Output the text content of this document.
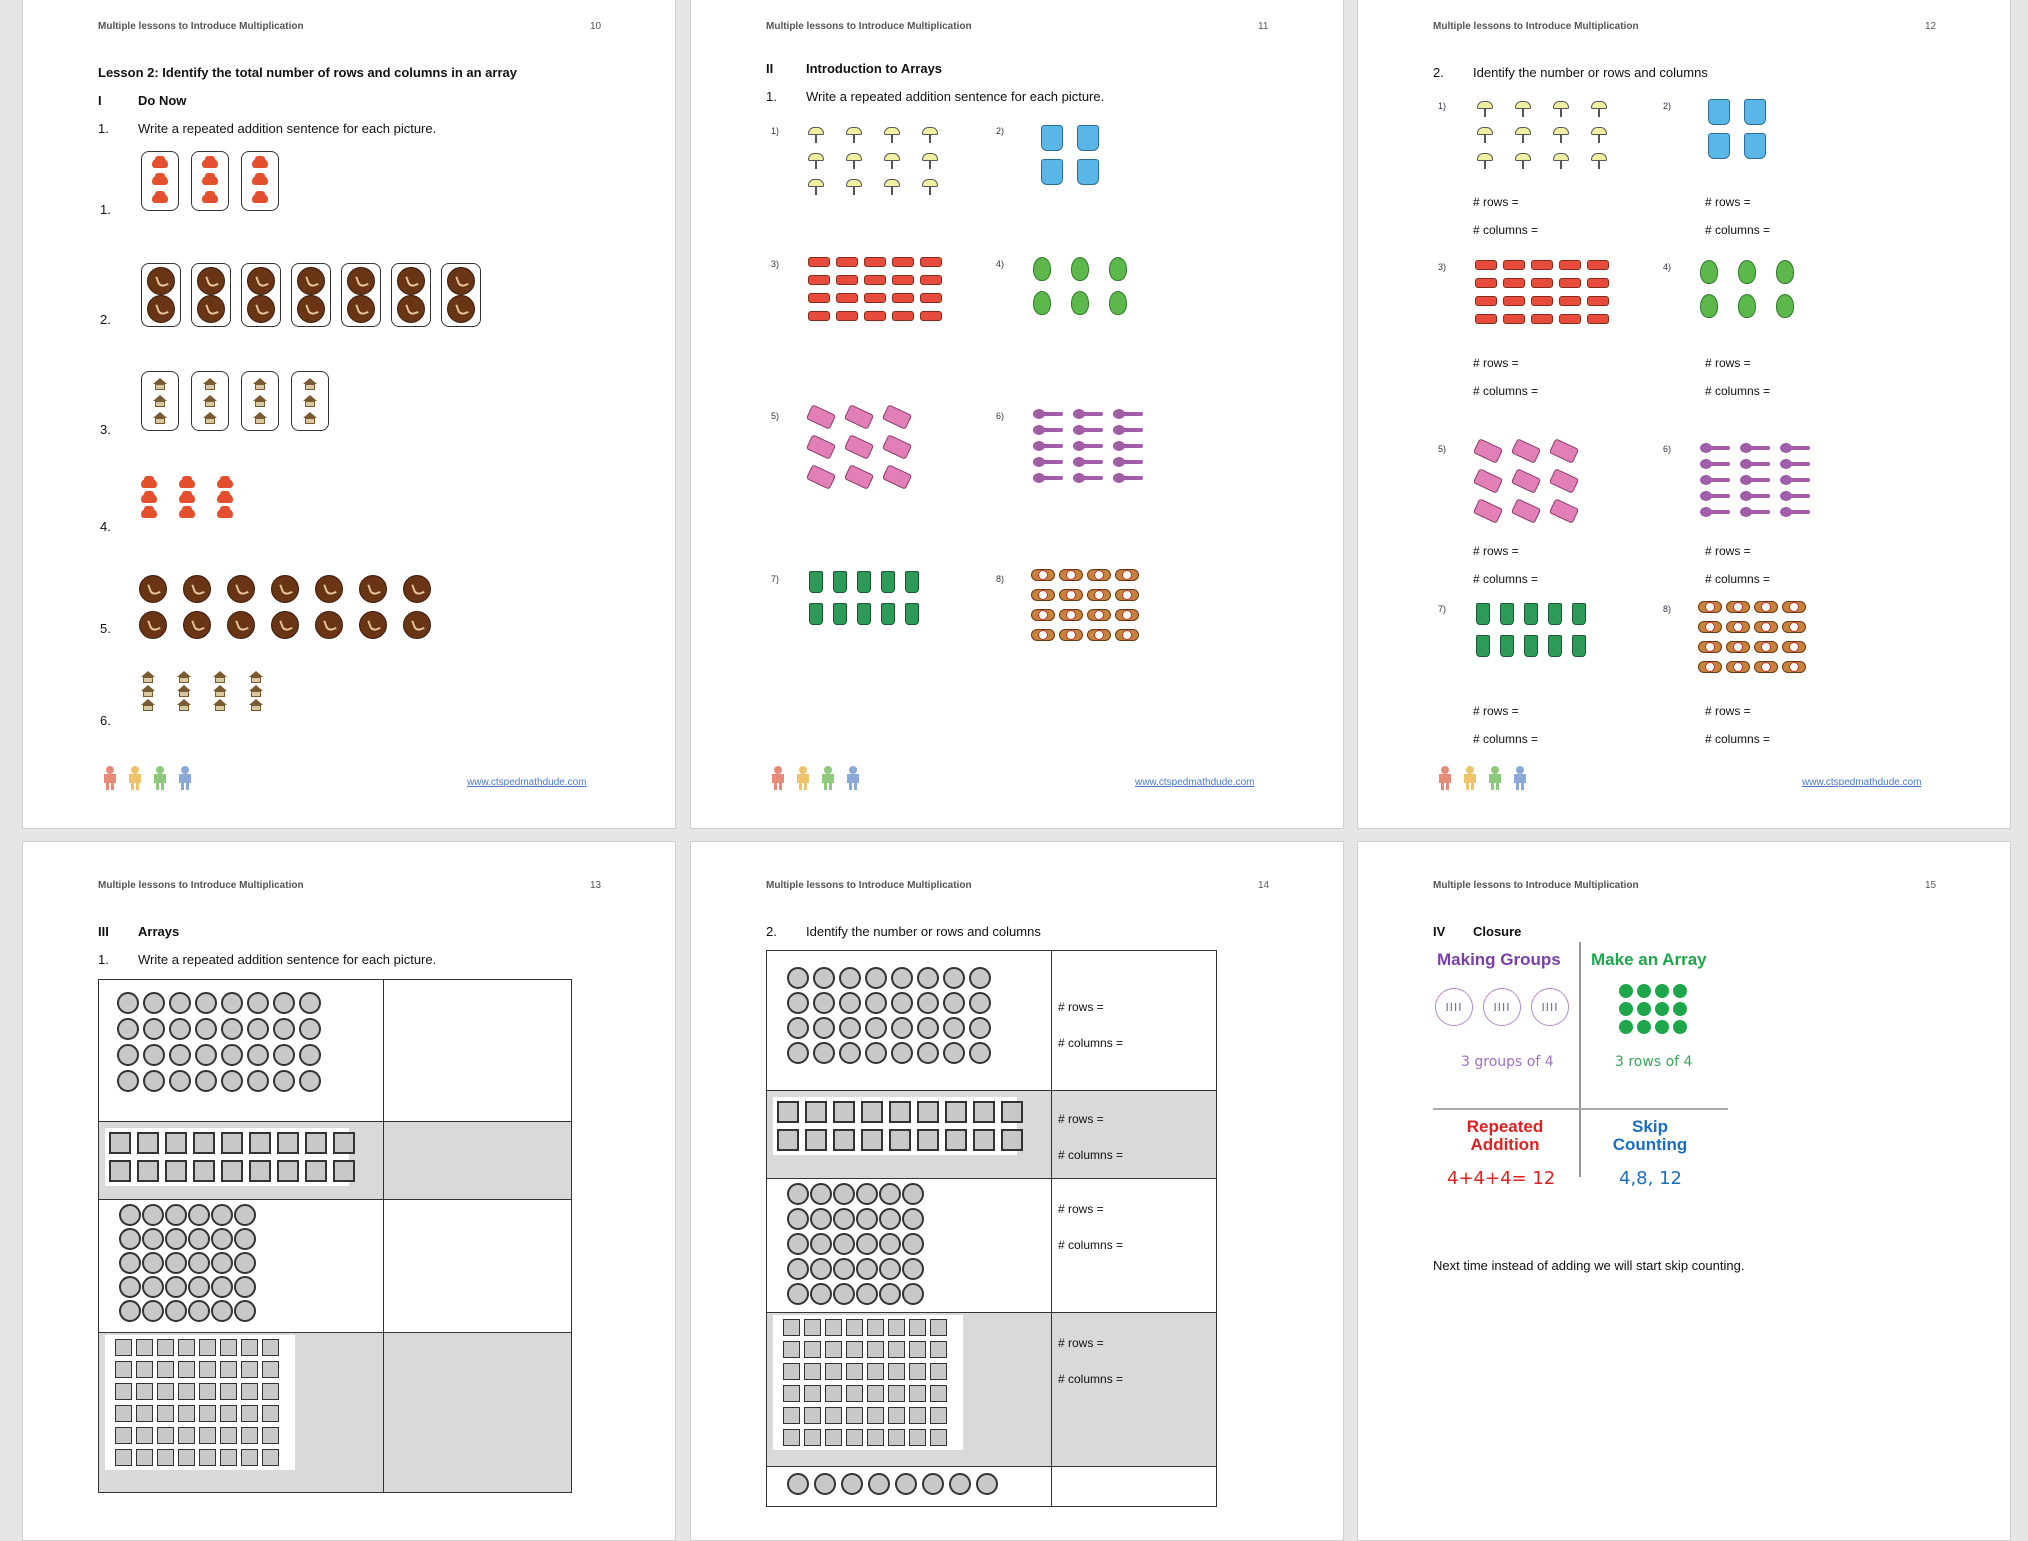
Multiple lessons to Introduce Multiplication	10
Lesson 2: Identify the total number of rows and columns in an array
I	Do Now
1. Write a repeated addition sentence for each picture.
1.
2.
3.
4.
5.
6.
www.ctspedmathdude.com
Multiple lessons to Introduce Multiplication	11
II	Introduction to Arrays
1. Write a repeated addition sentence for each picture.
1)	2)
3)	4)
5)	6)
7)	8)
www.ctspedmathdude.com
Multiple lessons to Introduce Multiplication	12
2. Identify the number or rows and columns
1)	2)
# rows =	# rows =
# columns =	# columns =
3)	4)
# rows =	# rows =
# columns =	# columns =
5)	6)
# rows =	# rows =
# columns =	# columns =
7)	8)
# rows =	# rows =
# columns =	# columns =
www.ctspedmathdude.com
Multiple lessons to Introduce Multiplication	13
III Arrays
1. Write a repeated addition sentence for each picture.

Multiple lessons to Introduce Multiplication	14
2. Identify the number or rows and columns

	# rows =
# columns =

	# rows =
# columns =

	# rows =
# columns =

	# rows =
# columns =

Multiple lessons to Introduce Multiplication	15
IV Closure
Making Groups
IIII	IIII	IIII
3 groups of 4
Make an Array
3 rows of 4
Repeated Addition
4+4+4= 12
Skip Counting
4,8, 12
Next time instead of adding we will start skip counting.
